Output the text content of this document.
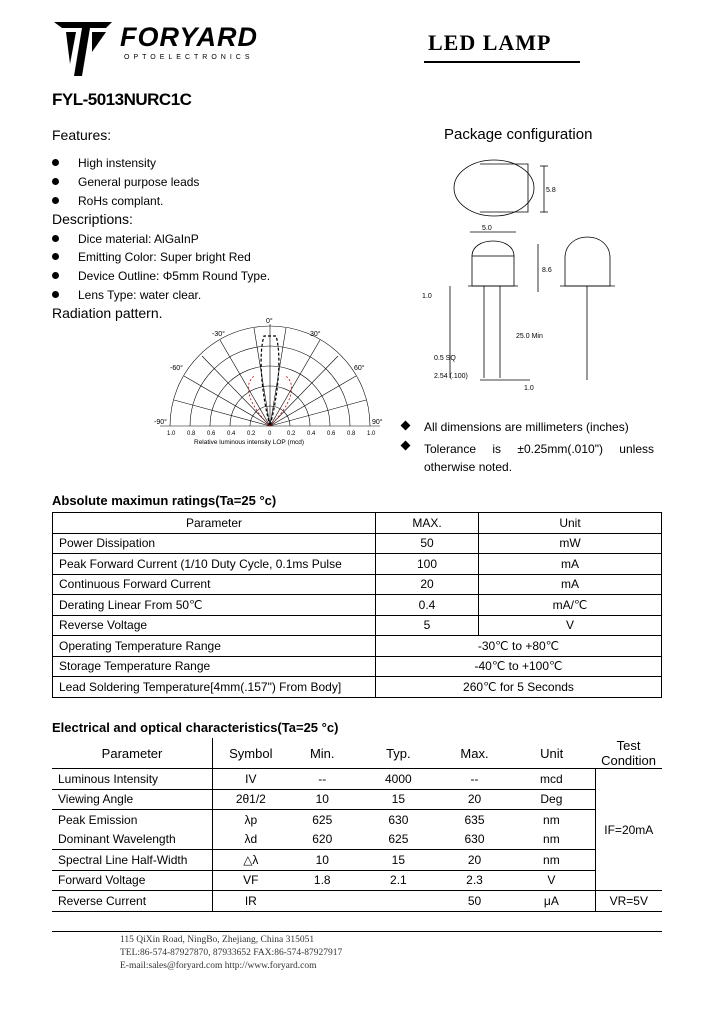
FORYARD
OPTOELECTRONICS
LED LAMP
FYL-5013NURC1C
Features:
High instensity
General purpose leads
RoHs complant.
Descriptions:
Dice material: AlGaInP
Emitting Color: Super bright Red
Device Outline: Φ5mm Round Type.
Lens Type: water clear.
Radiation pattern.
-30°	30°
-60°	60°
-90°	90°
0°
1.0 0.8 0.6 0.4 0.2 0	0.2 0.4 0.6 0.8 1.0
Relative luminous intensity LOP (mcd)
Package configuration
5.8
5.0
8.6
1.0
25.0 Min
0.5 SQ
2.54 (.100)
1.0
All dimensions are millimeters (inches)
Tolerance is ±0.25mm(.010") unless otherwise noted.
Absolute maximun ratings(Ta=25 °c)
Parameter	MAX.	Unit
Power Dissipation	50	mW
Peak Forward Current (1/10 Duty Cycle, 0.1ms Pulse	100	mA
Continuous Forward Current	20	mA
Derating Linear From 50℃	0.4	mA/℃
Reverse Voltage	5	V
Operating Temperature Range	-30℃ to +80℃	
Storage Temperature Range	-40℃ to +100℃	
Lead Soldering Temperature[4mm(.157") From Body]	260℃ for 5 Seconds	
Electrical and optical characteristics(Ta=25 °c)
Parameter	Symbol	Min.	Typ.	Max.	Unit	Test Condition
Luminous Intensity	IV	--	4000	--	mcd	IF=20mA
Viewing Angle	2θ1/2	10	15	20	Deg	
Peak Emission	λp	625	630	635	nm	
Dominant Wavelength	λd	620	625	630	nm	
Spectral Line Half-Width	△λ	10	15	20	nm	
Forward Voltage	VF	1.8	2.1	2.3	V	
Reverse Current	IR			50	μA	VR=5V
115 QiXin Road, NingBo, Zhejiang, China 315051
TEL:86-574-87927870, 87933652 FAX:86-574-87927917
E-mail:sales@foryard.com http://www.foryard.com
